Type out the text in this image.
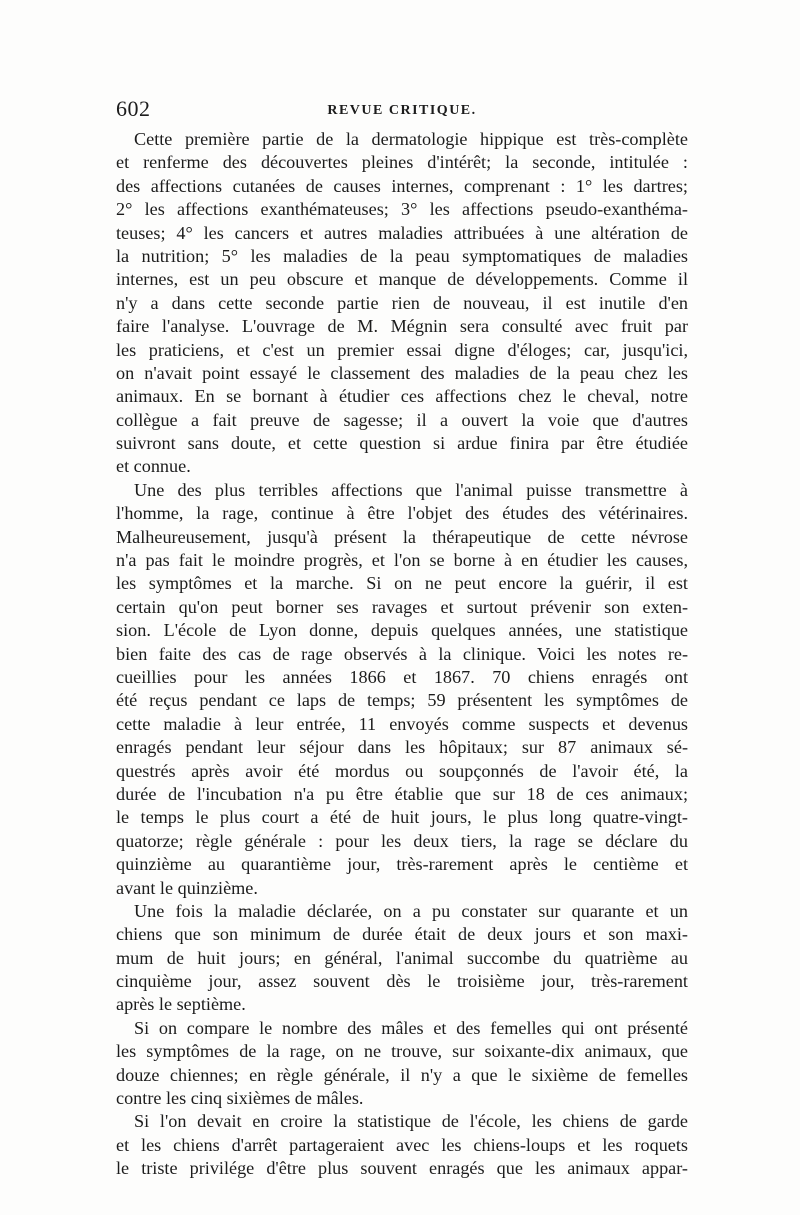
602	REVUE CRITIQUE.
Cette première partie de la dermatologie hippique est très-complète
et renferme des découvertes pleines d'intérêt; la seconde, intitulée :
des affections cutanées de causes internes, comprenant : 1° les dartres;
2° les affections exanthémateuses; 3° les affections pseudo-exanthéma-
teuses; 4° les cancers et autres maladies attribuées à une altération de
la nutrition; 5° les maladies de la peau symptomatiques de maladies
internes, est un peu obscure et manque de développements. Comme il
n'y a dans cette seconde partie rien de nouveau, il est inutile d'en
faire l'analyse. L'ouvrage de M. Mégnin sera consulté avec fruit par
les praticiens, et c'est un premier essai digne d'éloges; car, jusqu'ici,
on n'avait point essayé le classement des maladies de la peau chez les
animaux. En se bornant à étudier ces affections chez le cheval, notre
collègue a fait preuve de sagesse; il a ouvert la voie que d'autres
suivront sans doute, et cette question si ardue finira par être étudiée
et connue.
Une des plus terribles affections que l'animal puisse transmettre à
l'homme, la rage, continue à être l'objet des études des vétérinaires.
Malheureusement, jusqu'à présent la thérapeutique de cette névrose
n'a pas fait le moindre progrès, et l'on se borne à en étudier les causes,
les symptômes et la marche. Si on ne peut encore la guérir, il est
certain qu'on peut borner ses ravages et surtout prévenir son exten-
sion. L'école de Lyon donne, depuis quelques années, une statistique
bien faite des cas de rage observés à la clinique. Voici les notes re-
cueillies pour les années 1866 et 1867. 70 chiens enragés ont
été reçus pendant ce laps de temps; 59 présentent les symptômes de
cette maladie à leur entrée, 11 envoyés comme suspects et devenus
enragés pendant leur séjour dans les hôpitaux; sur 87 animaux sé-
questrés après avoir été mordus ou soupçonnés de l'avoir été, la
durée de l'incubation n'a pu être établie que sur 18 de ces animaux;
le temps le plus court a été de huit jours, le plus long quatre-vingt-
quatorze; règle générale : pour les deux tiers, la rage se déclare du
quinzième au quarantième jour, très-rarement après le centième et
avant le quinzième.
Une fois la maladie déclarée, on a pu constater sur quarante et un
chiens que son minimum de durée était de deux jours et son maxi-
mum de huit jours; en général, l'animal succombe du quatrième au
cinquième jour, assez souvent dès le troisième jour, très-rarement
après le septième.
Si on compare le nombre des mâles et des femelles qui ont présenté
les symptômes de la rage, on ne trouve, sur soixante-dix animaux, que
douze chiennes; en règle générale, il n'y a que le sixième de femelles
contre les cinq sixièmes de mâles.
Si l'on devait en croire la statistique de l'école, les chiens de garde
et les chiens d'arrêt partageraient avec les chiens-loups et les roquets
le triste privilége d'être plus souvent enragés que les animaux appar-
